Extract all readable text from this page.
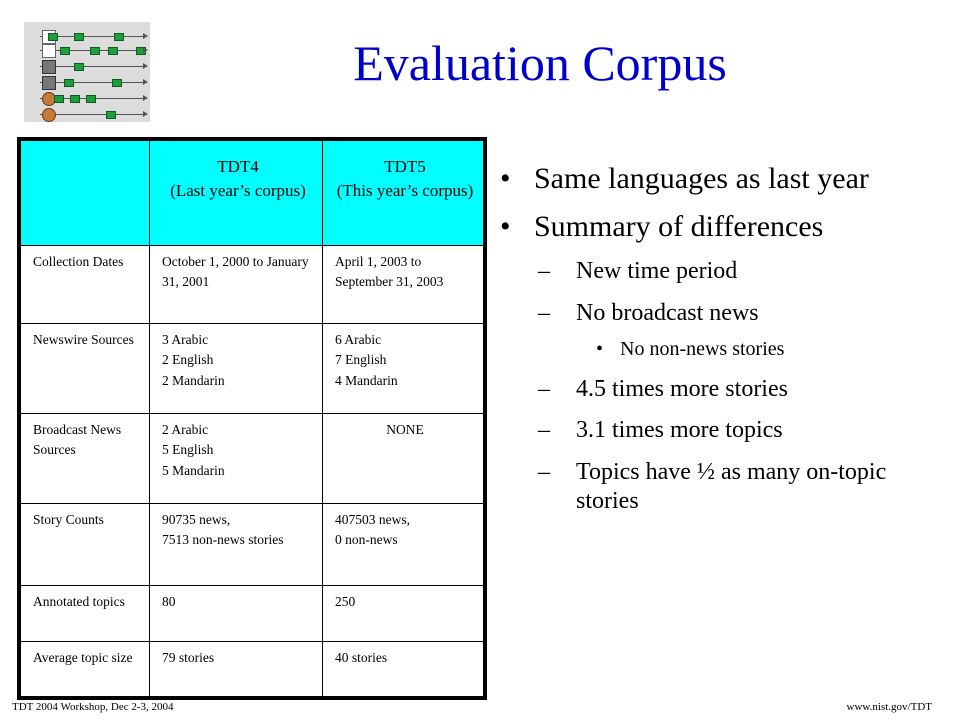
Evaluation Corpus

	TDT4
(Last year’s corpus)	TDT5
(This year’s corpus)

Collection Dates	October 1, 2000 to January 31, 2001	April 1, 2003 to September 31, 2003

Newswire Sources	3 Arabic
2 English
2 Mandarin	6 Arabic
7 English
4 Mandarin

Broadcast News Sources	2 Arabic
5 English
5 Mandarin	NONE

Story Counts	90735 news,
7513 non-news stories	407503 news,
0 non-news

Annotated topics	80	250

Average topic size	79 stories	40 stories
• Same languages as last year
• Summary of differences
– New time period
– No broadcast news
• No non-news stories
– 4.5 times more stories
– 3.1 times more topics
– Topics have ½ as many on-topic stories
TDT 2004 Workshop, Dec 2-3, 2004	www.nist.gov/TDT
